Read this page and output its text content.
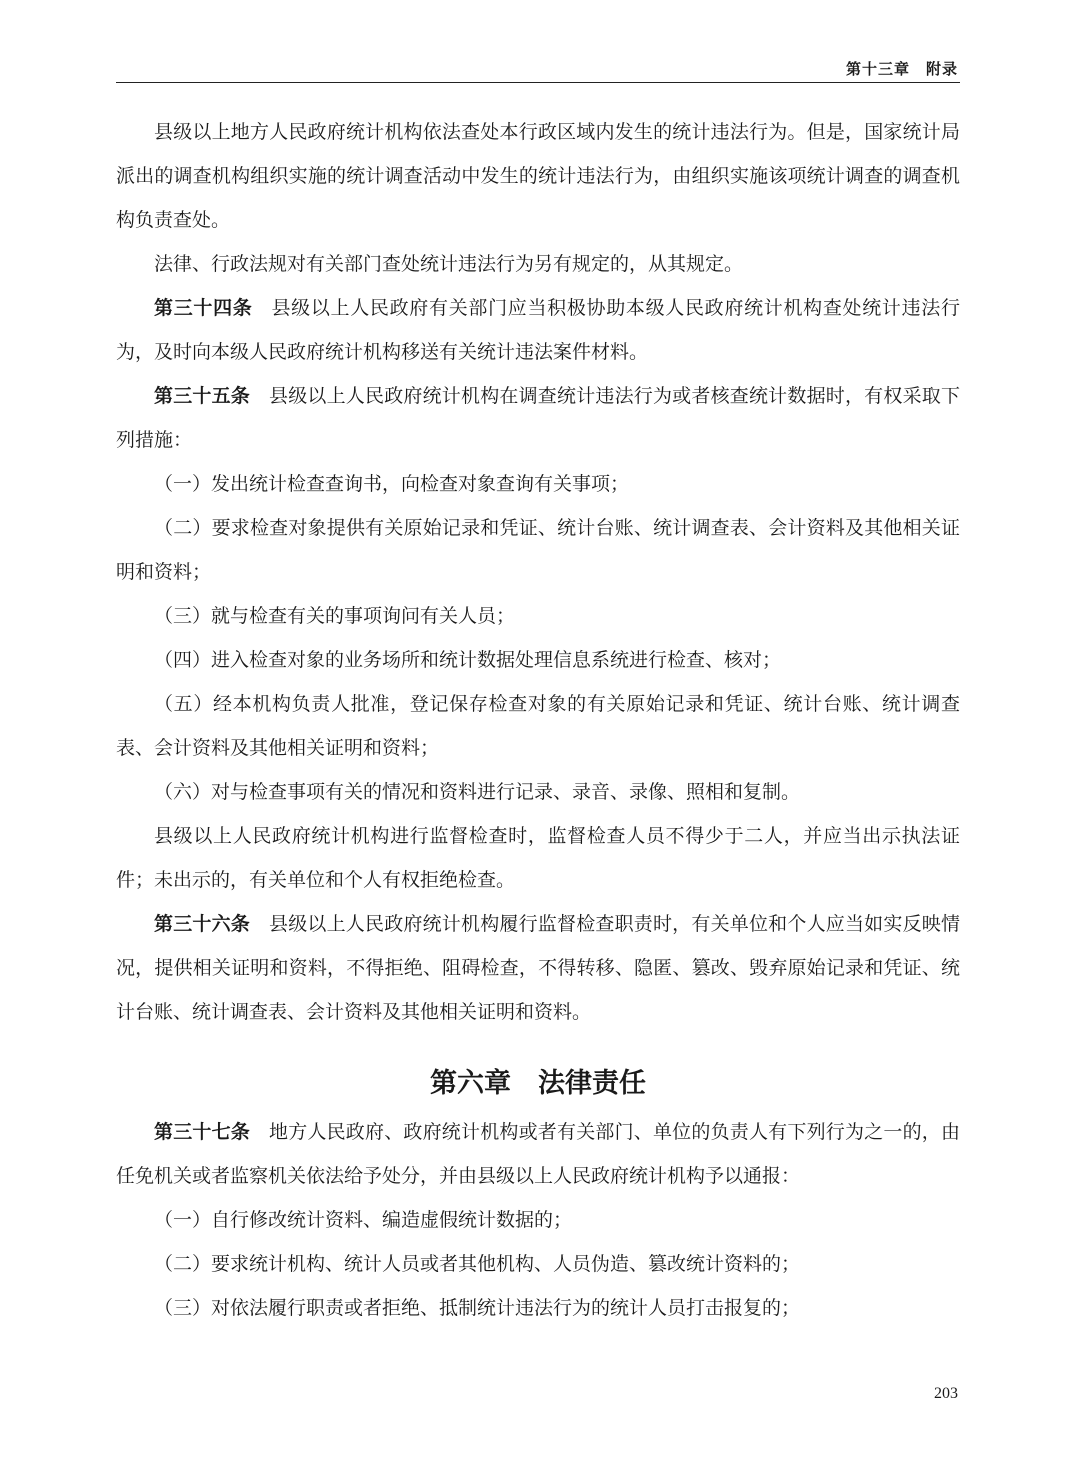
第十三章　附录

县级以上地方人民政府统计机构依法查处本行政区域内发生的统计违法行为。但是，国家统计局派出的调查机构组织实施的统计调查活动中发生的统计违法行为，由组织实施该项统计调查的调查机构负责查处。

法律、行政法规对有关部门查处统计违法行为另有规定的，从其规定。

第三十四条 县级以上人民政府有关部门应当积极协助本级人民政府统计机构查处统计违法行为，及时向本级人民政府统计机构移送有关统计违法案件材料。

第三十五条 县级以上人民政府统计机构在调查统计违法行为或者核查统计数据时，有权采取下列措施：

（一）发出统计检查查询书，向检查对象查询有关事项；

（二）要求检查对象提供有关原始记录和凭证、统计台账、统计调查表、会计资料及其他相关证明和资料；

（三）就与检查有关的事项询问有关人员；

（四）进入检查对象的业务场所和统计数据处理信息系统进行检查、核对；

（五）经本机构负责人批准，登记保存检查对象的有关原始记录和凭证、统计台账、统计调查表、会计资料及其他相关证明和资料；

（六）对与检查事项有关的情况和资料进行记录、录音、录像、照相和复制。

县级以上人民政府统计机构进行监督检查时，监督检查人员不得少于二人，并应当出示执法证件；未出示的，有关单位和个人有权拒绝检查。

第三十六条 县级以上人民政府统计机构履行监督检查职责时，有关单位和个人应当如实反映情况，提供相关证明和资料，不得拒绝、阻碍检查，不得转移、隐匿、篡改、毁弃原始记录和凭证、统计台账、统计调查表、会计资料及其他相关证明和资料。

第六章　法律责任

第三十七条 地方人民政府、政府统计机构或者有关部门、单位的负责人有下列行为之一的，由任免机关或者监察机关依法给予处分，并由县级以上人民政府统计机构予以通报：

（一）自行修改统计资料、编造虚假统计数据的；

（二）要求统计机构、统计人员或者其他机构、人员伪造、篡改统计资料的；

（三）对依法履行职责或者拒绝、抵制统计违法行为的统计人员打击报复的；

203
